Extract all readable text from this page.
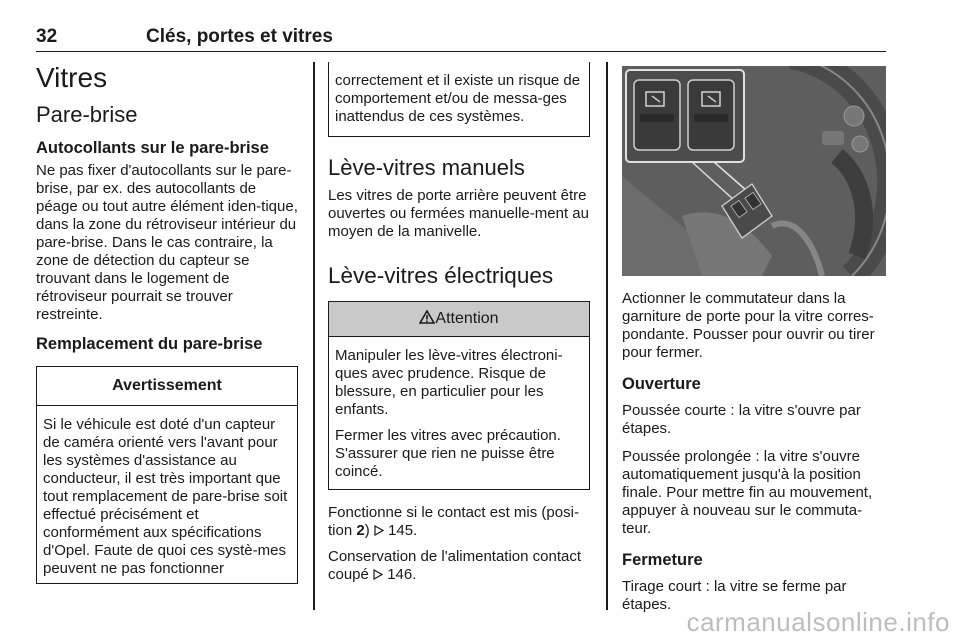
32	Clés, portes et vitres
Vitres
Pare-brise
Autocollants sur le pare-brise

Ne pas fixer d'autocollants sur le pare-brise, par ex. des autocollants de péage ou tout autre élément iden-tique, dans la zone du rétroviseur intérieur du pare-brise. Dans le cas contraire, la zone de détection du capteur se trouvant dans le logement de rétroviseur pourrait se trouver restreinte.

Remplacement du pare-brise
Avertissement

Si le véhicule est doté d'un capteur de caméra orienté vers l'avant pour les systèmes d'assistance au conducteur, il est très important que tout remplacement de pare-brise soit effectué précisément et conformément aux spécifications d'Opel. Faute de quoi ces systè-mes peuvent ne pas fonctionner

correctement et il existe un risque de comportement et/ou de messa-ges inattendus de ces systèmes.

Lève-vitres manuels

Les vitres de porte arrière peuvent être ouvertes ou fermées manuelle-ment au moyen de la manivelle.

Lève-vitres électriques
Attention

Manipuler les lève-vitres électroni-ques avec prudence. Risque de blessure, en particulier pour les enfants.

Fermer les vitres avec précaution. S'assurer que rien ne puisse être coincé.

Fonctionne si le contact est mis (posi-tion 2)  145.

Conservation de l'alimentation contact coupé  146.

Actionner le commutateur dans la garniture de porte pour la vitre corres-pondante. Pousser pour ouvrir ou tirer pour fermer.

Ouverture

Poussée courte : la vitre s'ouvre par étapes.

Poussée prolongée : la vitre s'ouvre automatiquement jusqu'à la position finale. Pour mettre fin au mouvement, appuyer à nouveau sur le commuta-teur.

Fermeture

Tirage court : la vitre se ferme par étapes.

carmanualsonline.info
